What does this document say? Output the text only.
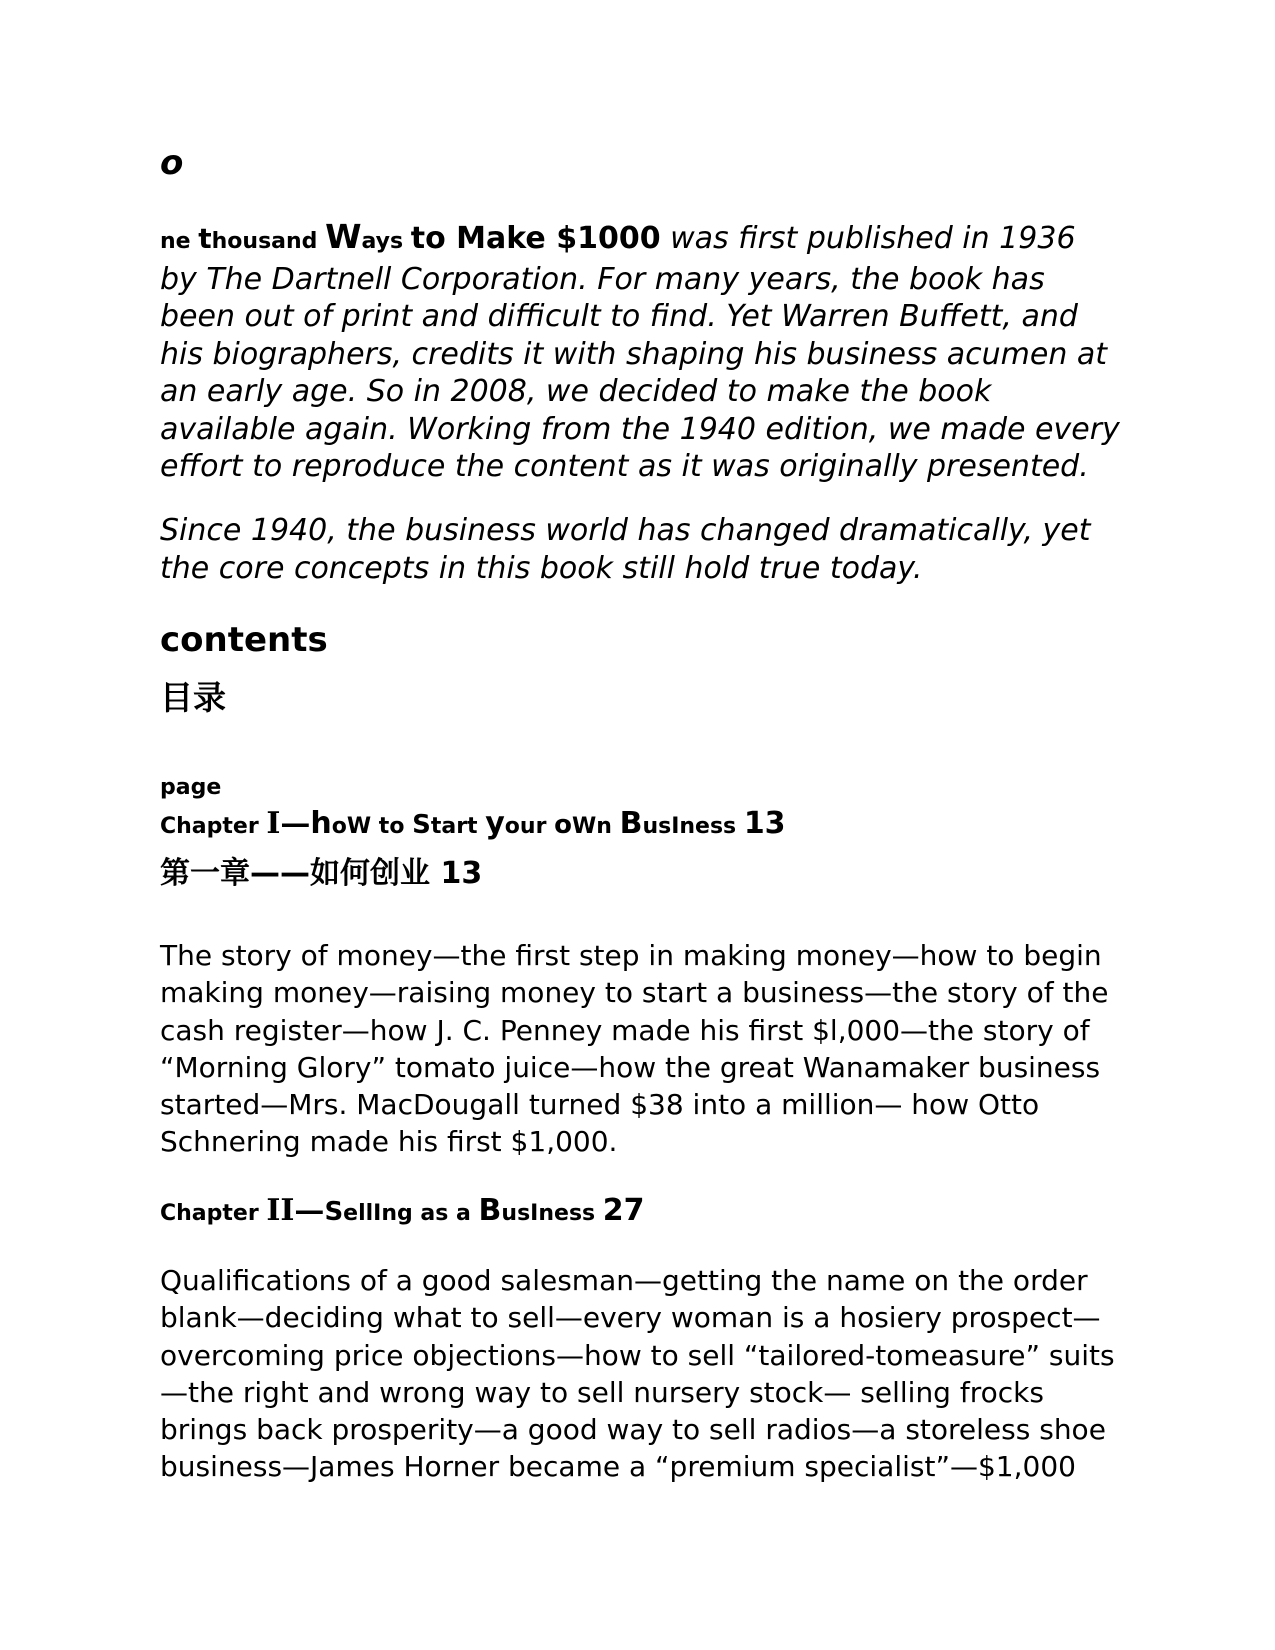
o

ne thousand Ways to Make $1000 was first published in 1936 by The Dartnell Corporation. For many years, the book has been out of print and difficult to find. Yet Warren Buffett, and his biographers, credits it with shaping his business acumen at an early age. So in 2008, we decided to make the book available again. Working from the 1940 edition, we made every effort to reproduce the content as it was originally presented.

Since 1940, the business world has changed dramatically, yet the core concepts in this book still hold true today.

contents
目录
page
Chapter I—hoW to Start your oWn BusIness 13
第一章——如何创业 13

The story of money—the first step in making money—how to begin making money—raising money to start a business—the story of the cash register—how J. C. Penney made his first $l,000—the story of “Morning Glory” tomato juice—how the great Wanamaker business started—Mrs. MacDougall turned $38 into a million— how Otto Schnering made his first $1,000.

Chapter II—SellIng as a BusIness 27

Qualifications of a good salesman—getting the name on the order blank—deciding what to sell—every woman is a hosiery prospect—overcoming price objections—how to sell “tailored-tomeasure” suits —the right and wrong way to sell nursery stock— selling frocks brings back prosperity—a good way to sell radios—a storeless shoe business—James Horner became a “premium specialist”—$1,000
